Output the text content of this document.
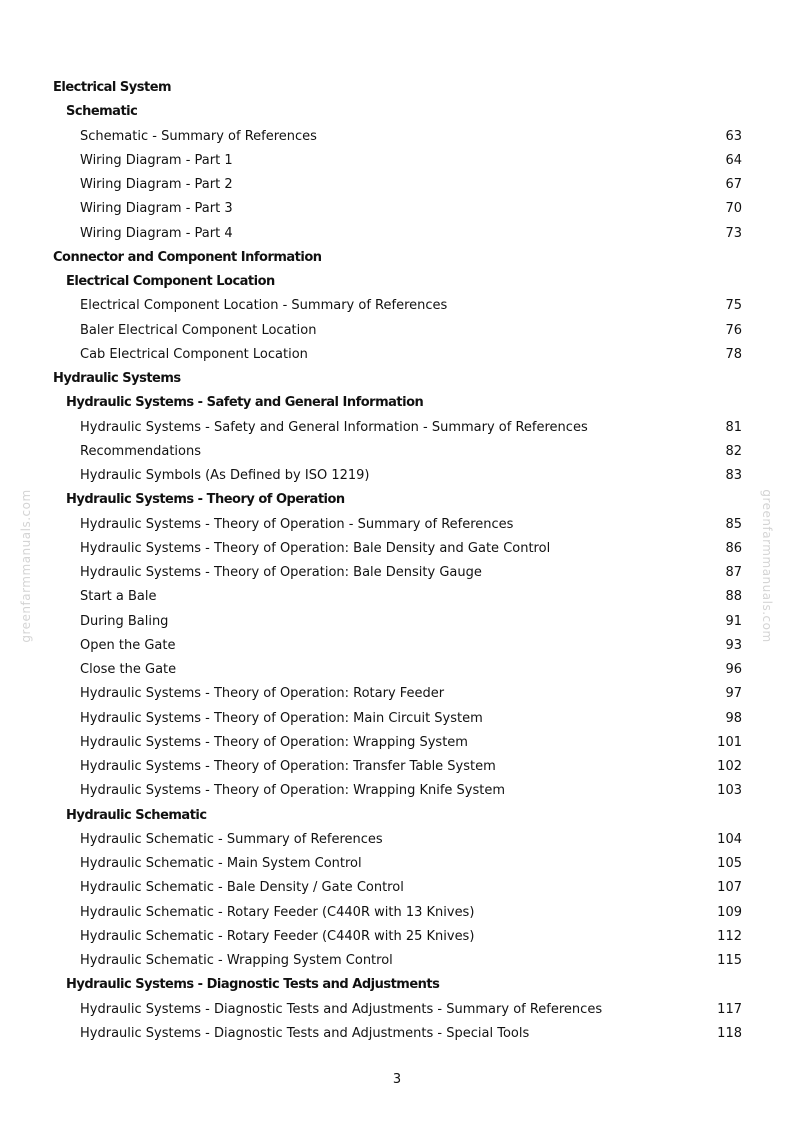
Electrical System
Schematic
Schematic - Summary of References	63
Wiring Diagram - Part 1	64
Wiring Diagram - Part 2	67
Wiring Diagram - Part 3	70
Wiring Diagram - Part 4	73
Connector and Component Information
Electrical Component Location
Electrical Component Location - Summary of References	75
Baler Electrical Component Location	76
Cab Electrical Component Location	78
Hydraulic Systems
Hydraulic Systems - Safety and General Information
Hydraulic Systems - Safety and General Information - Summary of References	81
Recommendations	82
Hydraulic Symbols (As Defined by ISO 1219)	83
Hydraulic Systems - Theory of Operation
Hydraulic Systems - Theory of Operation - Summary of References	85
Hydraulic Systems - Theory of Operation: Bale Density and Gate Control	86
Hydraulic Systems - Theory of Operation: Bale Density Gauge	87
Start a Bale	88
During Baling	91
Open the Gate	93
Close the Gate	96
Hydraulic Systems - Theory of Operation: Rotary Feeder	97
Hydraulic Systems - Theory of Operation: Main Circuit System	98
Hydraulic Systems - Theory of Operation: Wrapping System	101
Hydraulic Systems - Theory of Operation: Transfer Table System	102
Hydraulic Systems - Theory of Operation: Wrapping Knife System	103
Hydraulic Schematic
Hydraulic Schematic - Summary of References	104
Hydraulic Schematic - Main System Control	105
Hydraulic Schematic - Bale Density / Gate Control	107
Hydraulic Schematic - Rotary Feeder (C440R with 13 Knives)	109
Hydraulic Schematic - Rotary Feeder (C440R with 25 Knives)	112
Hydraulic Schematic - Wrapping System Control	115
Hydraulic Systems - Diagnostic Tests and Adjustments
Hydraulic Systems - Diagnostic Tests and Adjustments - Summary of References	117
Hydraulic Systems - Diagnostic Tests and Adjustments - Special Tools	118
greenfarmmanuals.com	greenfarmmanuals.com
3
